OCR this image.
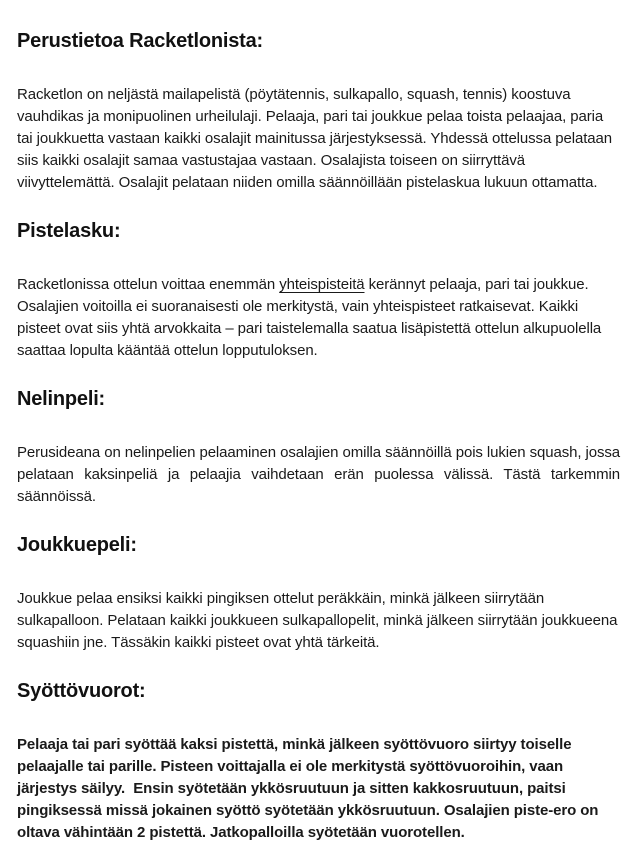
Perustietoa Racketlonista:

Racketlon on neljästä mailapelistä (pöytätennis, sulkapallo, squash, tennis) koostuva vauhdikas ja monipuolinen urheilulaji. Pelaaja, pari tai joukkue pelaa toista pelaajaa, paria tai joukkuetta vastaan kaikki osalajit mainitussa järjestyksessä. Yhdessä ottelussa pelataan siis kaikki osalajit samaa vastustajaa vastaan. Osalajista toiseen on siirryttävä viivyttelemättä. Osalajit pelataan niiden omilla säännöillään pistelaskua lukuun ottamatta.

Pistelasku:

Racketlonissa ottelun voittaa enemmän yhteispisteitä kerännyt pelaaja, pari tai joukkue. Osalajien voitoilla ei suoranaisesti ole merkitystä, vain yhteispisteet ratkaisevat. Kaikki pisteet ovat siis yhtä arvokkaita – pari taistelemalla saatua lisäpistettä ottelun alkupuolella saattaa lopulta kääntää ottelun lopputuloksen.

Nelinpeli:

Perusideana on nelinpelien pelaaminen osalajien omilla säännöillä pois lukien squash, jossa pelataan kaksinpeliä ja pelaajia vaihdetaan erän puolessa välissä. Tästä tarkemmin säännöissä.

Joukkuepeli:

Joukkue pelaa ensiksi kaikki pingiksen ottelut peräkkäin, minkä jälkeen siirrytään sulkapalloon. Pelataan kaikki joukkueen sulkapallopelit, minkä jälkeen siirrytään joukkueena squashiin jne. Tässäkin kaikki pisteet ovat yhtä tärkeitä.

Syöttövuorot:

Pelaaja tai pari syöttää kaksi pistettä, minkä jälkeen syöttövuoro siirtyy toiselle pelaajalle tai parille. Pisteen voittajalla ei ole merkitystä syöttövuoroihin, vaan järjestys säilyy.  Ensin syötetään ykkösruutuun ja sitten kakkosruutuun, paitsi pingiksessä missä jokainen syöttö syötetään ykkösruutuun. Osalajien piste-ero on oltava vähintään 2 pistettä. Jatkopalloilla syötetään vuorotellen.
